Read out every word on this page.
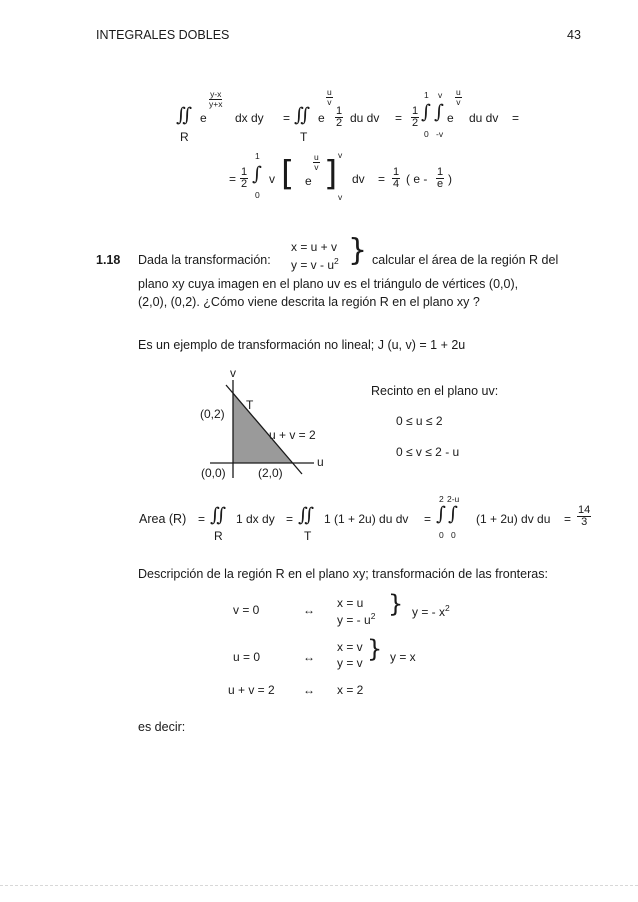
INTEGRALES DOBLES	43
∬
R
e
$\frac{y-x}{y+x}$
dx dy = ∬
T
e
$\frac{u}{v}$
$\frac{1}{2}$ du dv = $\frac{1}{2}$
1
∫
0
v
∫
-v
e
$\frac{u}{v}$
du dv =
= $\frac{1}{2}$
1
∫
0
v [ e
$\frac{u}{v}$ ] v
v
dv = $\frac{1}{4}$ ( e - $\frac{1}{e}$ )
1.18 Dada la transformación:
x = u + v
$y = v - u^2$ } calcular el área de la región R del
plano xy cuya imagen en el plano uv es el triángulo de vértices (0,0),
(2,0), (0,2). ¿Cómo viene descrita la región R en el plano xy ?
Es un ejemplo de transformación no lineal; J (u, v) = 1 + 2u
v
T
(0,2)
u + v = 2
u
(0,0)	(2,0)
Recinto en el plano uv:
0 ≤ u ≤ 2
0 ≤ v ≤ 2 - u
Area (R) = ∬
R
1 dx dy = ∬
T
1 (1 + 2u) du dv =
2 2-u
∫ ∫
0 0
(1 + 2u) dv du = $\frac{14}{3}$
Descripción de la región R en el plano xy; transformación de las fronteras:
v = 0	↔ x = u
y = - $u^2$ } y = - $x^2$
u = 0	↔
x = v
y = v } y = x
u + v = 2 ↔ x = 2
es decir:
